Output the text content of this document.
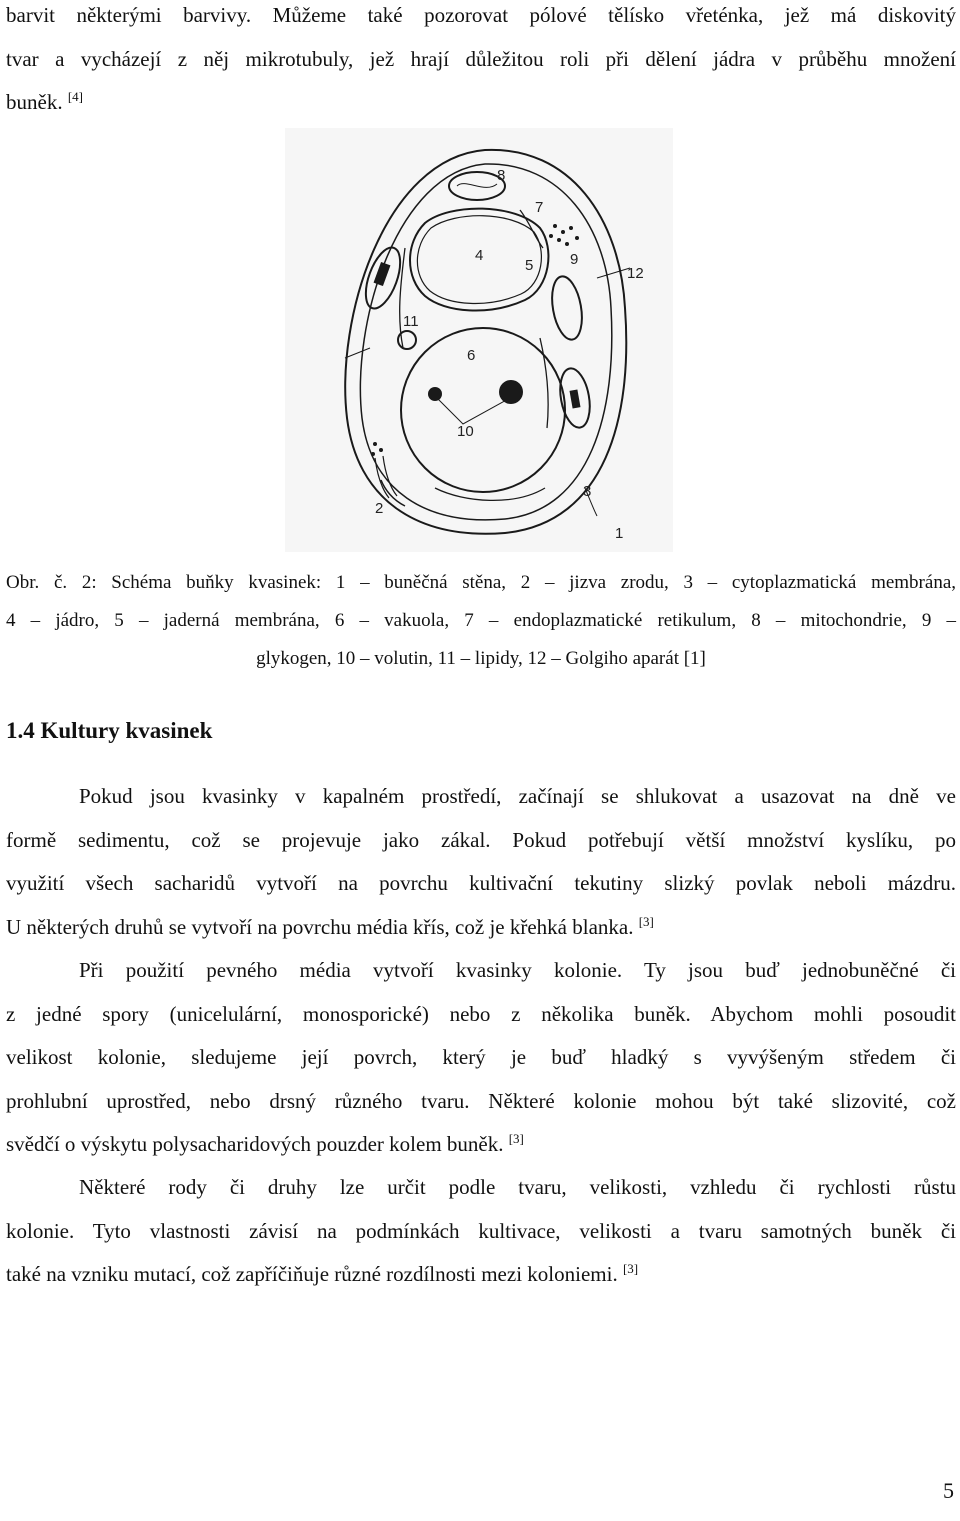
barvit některými barvivy. Můžeme také pozorovat pólové tělísko vřeténka, jež má diskovitý
tvar a vycházejí z něj mikrotubuly, jež hrají důležitou roli při dělení jádra v průběhu množení
buněk. [4]
1
2
3
4
5
6
7
8
9
10
11
12
Obr. č. 2: Schéma buňky kvasinek: 1 – buněčná stěna, 2 – jizva zrodu, 3 – cytoplazmatická membrána,
4 – jádro, 5 – jaderná membrána, 6 – vakuola, 7 – endoplazmatické retikulum, 8 – mitochondrie, 9 –
glykogen, 10 – volutin, 11 – lipidy, 12 – Golgiho aparát [1]
1.4 Kultury kvasinek
Pokud jsou kvasinky v kapalném prostředí, začínají se shlukovat a usazovat na dně ve
formě sedimentu, což se projevuje jako zákal. Pokud potřebují větší množství kyslíku, po
využití všech sacharidů vytvoří na povrchu kultivační tekutiny slizký povlak neboli mázdru.
U některých druhů se vytvoří na povrchu média křís, což je křehká blanka. [3]
Při použití pevného média vytvoří kvasinky kolonie. Ty jsou buď jednobuněčné či
z jedné spory (unicelulární, monosporické) nebo z několika buněk. Abychom mohli posoudit
velikost kolonie, sledujeme její povrch, který je buď hladký s vyvýšeným středem či
prohlubní uprostřed, nebo drsný různého tvaru. Některé kolonie mohou být také slizovité, což
svědčí o výskytu polysacharidových pouzder kolem buněk. [3]
Některé rody či druhy lze určit podle tvaru, velikosti, vzhledu či rychlosti růstu
kolonie. Tyto vlastnosti závisí na podmínkách kultivace, velikosti a tvaru samotných buněk či
také na vzniku mutací, což zapříčiňuje různé rozdílnosti mezi koloniemi. [3]
5
